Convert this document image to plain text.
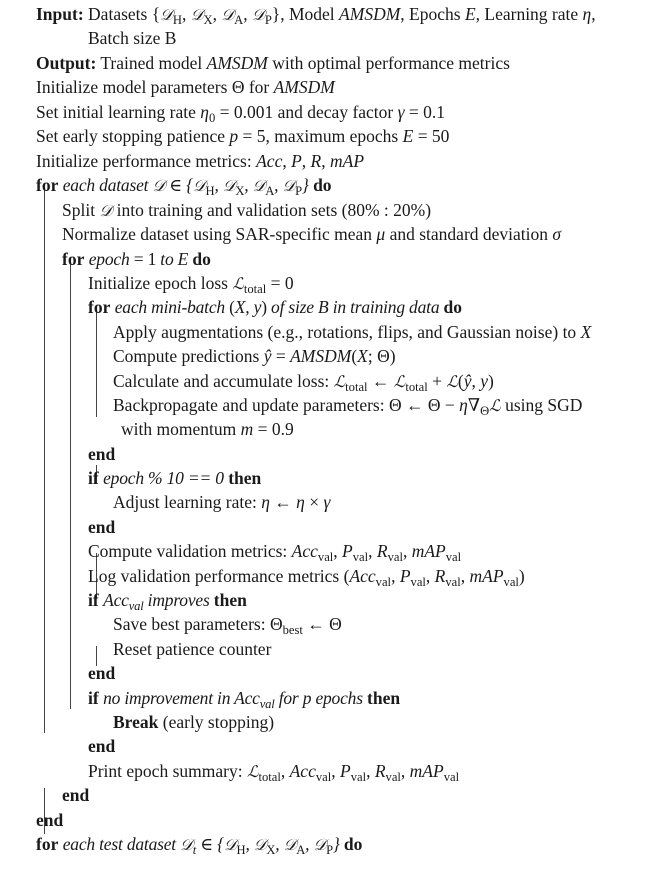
Input: Datasets {𝒟$_H$, 𝒟$_X$, 𝒟$_A$, 𝒟$_P$}, Model AMSDM, Epochs E, Learning rate η,
Batch size B
Output: Trained model AMSDM with optimal performance metrics
Initialize model parameters Θ for AMSDM
Set initial learning rate $\eta_0 = 0.001$ and decay factor γ = 0.1
Set early stopping patience p = 5, maximum epochs E = 50
Initialize performance metrics: Acc, P, R, mAP
for each dataset 𝒟 ∈ {𝒟$_H$, 𝒟$_X$, 𝒟$_A$, 𝒟$_P$} do
Split 𝒟 into training and validation sets (80% : 20%)
Normalize dataset using SAR-specific mean μ and standard deviation σ
for epoch = 1 to E do
Initialize epoch loss ℒ$_{total}$ = 0
for each mini-batch (X, y) of size B in training data do
Apply augmentations (e.g., rotations, flips, and Gaussian noise) to X
Compute predictions ŷ = AMSDM(X; Θ)
Calculate and accumulate loss: ℒ$_{total}$ ← ℒ$_{total}$ + ℒ(ŷ, y)
Backpropagate and update parameters: Θ ← $\Theta - \eta\nabla_\Theta ℒ$ using SGD
with momentum m = 0.9
end
if epoch % 10 == 0 then
Adjust learning rate: η ← η × γ
end
Compute validation metrics: Acc$_{val}$, $P_{val}$, $R_{val}$, mAP$_{val}$
Log validation performance metrics (Acc$_{val}$, $P_{val}$, $R_{val}$, mAP$_{val}$)
if Acc$_{val}$ improves then
Save best parameters: $\Theta_{best}$ ← Θ
Reset patience counter
end
if no improvement in Acc$_{val}$ for p epochs then
Break (early stopping)
end
Print epoch summary: ℒ$_{total}$, Acc$_{val}$, $P_{val}$, $R_{val}$, mAP$_{val}$
end
end
for each test dataset 𝒟$_t$ ∈ {𝒟$_H$, 𝒟$_X$, 𝒟$_A$, 𝒟$_P$} do
